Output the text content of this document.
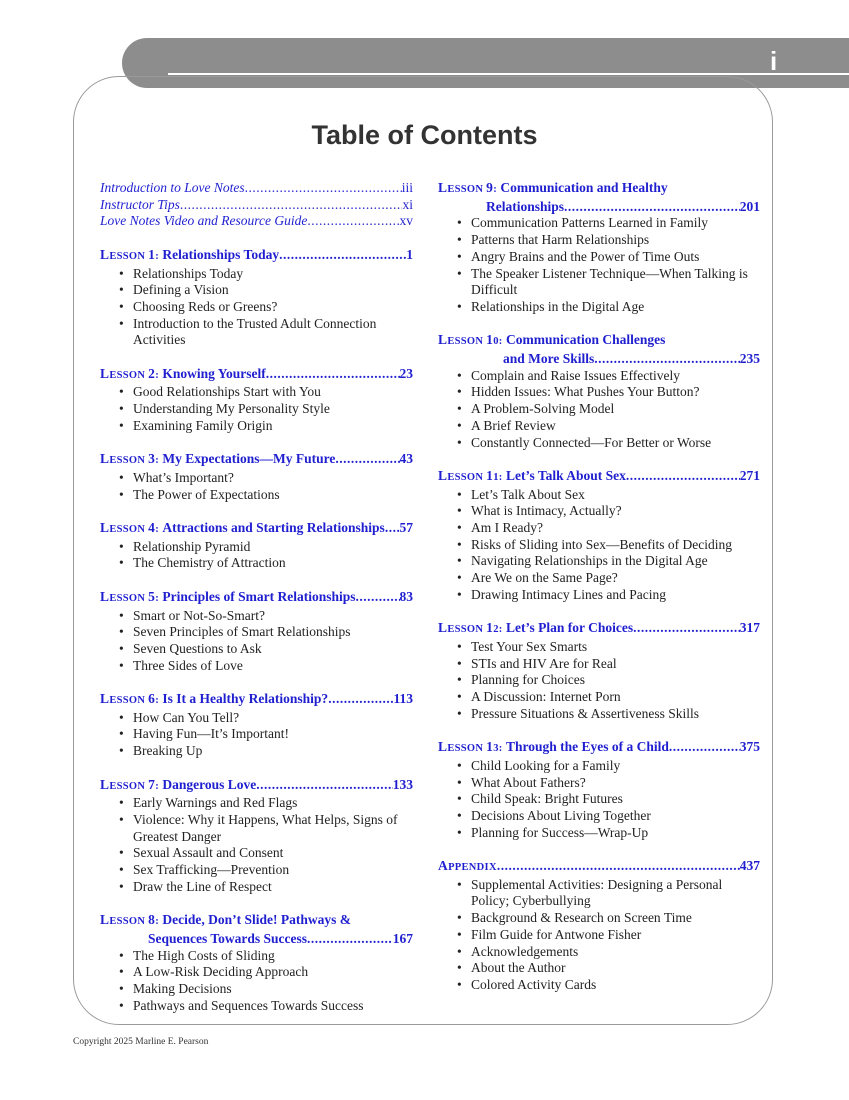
i
Table of Contents
Introduction to Love Notes .....	iii
Instructor Tips .....	xi
Love Notes Video and Resource Guide .....	xv
LESSON 1:
Relationships Today .....	1
• Relationships Today
• Defining a Vision
• Choosing Reds or Greens?
• Introduction to the Trusted Adult Connection Activities
LESSON 2:
Knowing Yourself .....	23
• Good Relationships Start with You
• Understanding My Personality Style
• Examining Family Origin
LESSON 3:
My Expectations—My Future .....	43
• What’s Important?
• The Power of Expectations
LESSON 4:
Attractions and Starting Relationships ..... 57
• Relationship Pyramid
• The Chemistry of Attraction
LESSON 5:
Principles of Smart Relationships .....	83
• Smart or Not-So-Smart?
• Seven Principles of Smart Relationships
• Seven Questions to Ask
• Three Sides of Love
LESSON 6:
Is It a Healthy Relationship? .....	113
• How Can You Tell?
• Having Fun—It’s Important!
• Breaking Up
LESSON 7:
Dangerous Love .....	133
• Early Warnings and Red Flags
• Violence: Why it Happens, What Helps, Signs of Greatest Danger
• Sexual Assault and Consent
• Sex Trafficking—Prevention
• Draw the Line of Respect
LESSON 8: Decide, Don’t Slide! Pathways &
Sequences Towards Success .....	167
• The High Costs of Sliding
• A Low-Risk Deciding Approach
• Making Decisions
• Pathways and Sequences Towards Success
LESSON 9: Communication and Healthy
Relationships .....	201
• Communication Patterns Learned in Family
• Patterns that Harm Relationships
• Angry Brains and the Power of Time Outs
• The Speaker Listener Technique—When Talking is Difficult
• Relationships in the Digital Age
LESSON 10: Communication Challenges
and More Skills .....	235
• Complain and Raise Issues Effectively
• Hidden Issues: What Pushes Your Button?
• A Problem-Solving Model
• A Brief Review
• Constantly Connected—For Better or Worse
LESSON 11:
Let’s Talk About Sex .....	271
• Let’s Talk About Sex
• What is Intimacy, Actually?
• Am I Ready?
• Risks of Sliding into Sex—Benefits of Deciding
• Navigating Relationships in the Digital Age
• Are We on the Same Page?
• Drawing Intimacy Lines and Pacing
LESSON 12:
Let’s Plan for Choices .....	317
• Test Your Sex Smarts
• STIs and HIV Are for Real
• Planning for Choices
• A Discussion: Internet Porn
• Pressure Situations & Assertiveness Skills
LESSON 13:
Through the Eyes of a Child .....	375
• Child Looking for a Family
• What About Fathers?
• Child Speak: Bright Futures
• Decisions About Living Together
• Planning for Success—Wrap-Up
APPENDIX .....	437
• Supplemental Activities: Designing a Personal Policy; Cyberbullying
• Background & Research on Screen Time
• Film Guide for Antwone Fisher
• Acknowledgements
• About the Author
• Colored Activity Cards
Copyright 2025 Marline E. Pearson
